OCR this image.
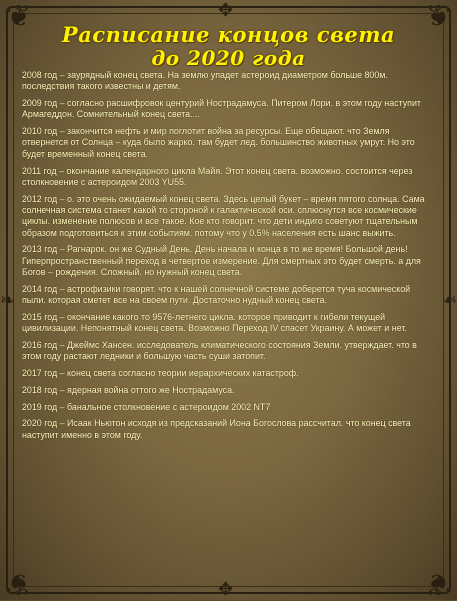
❦	❦
❦	❦
❧	❧
✥
✥
Расписание концов света
до 2020 года
2008 год – заурядный конец света. На землю упадет астероид диаметром больше 800м. последствия такого известны и детям.
2009 год – согласно расшифровок центурий Нострадамуса. Питером Лори. в этом году наступит Армагеддон. Сомнительный конец света....
2010 год – закончится нефть и мир поглотит война за ресурсы. Еще обещают. что Земля отвернется от Солнца – куда было жарко. там будет лед. большинство животных умрут. Но это будет временный конец света.
2011 год – окончание календарного цикла Майя. Этот конец света. возможно. состоится через столкновение с астероидом 2003 YU55.
2012 год – о. это очень ожидаемый конец света. Здесь целый букет – время пятого солнца. Сама солнечная система станет какой то стороной к галактической оси. сплюснутся все космические циклы. изменение полюсов и все такое. Кое кто говорит. что дети индиго советуют тщательным образом подготовиться к этим событиям. потому что у 0.5% населения есть шанс выжить.
2013 год – Рагнарок. он же Судный День. День начала и конца в то же время! Большой день! Гиперпространственный переход в четвертое измерение. Для смертных это будет смерть. а для Богов – рождения. Сложный. но нужный конец света.
2014 год – астрофизики говорят. что к нашей солнечной системе доберется туча космической пыли. которая сметет все на своем пути. Достаточно нудный конец света.
2015 год – окончание какого то 9576-летнего цикла. которое приводит к гибели текущей цивилизации. Непонятный конец света. Возможно Переход IV спасет Украину. А может и нет.
2016 год – Джеймс Хансен. исследователь климатического состояния Земли. утверждает. что в этом году растают ледники и большую часть суши затопит.
2017 год – конец света согласно теории иерархических катастроф.
2018 год – ядерная война оттого же Нострадамуса.
2019 год – банальное столкновение с астероидом 2002 NT7
2020 год – Исаак Ньютон исходя из предсказаний Иона Богослова рассчитал. что конец света наступит именно в этом году.
